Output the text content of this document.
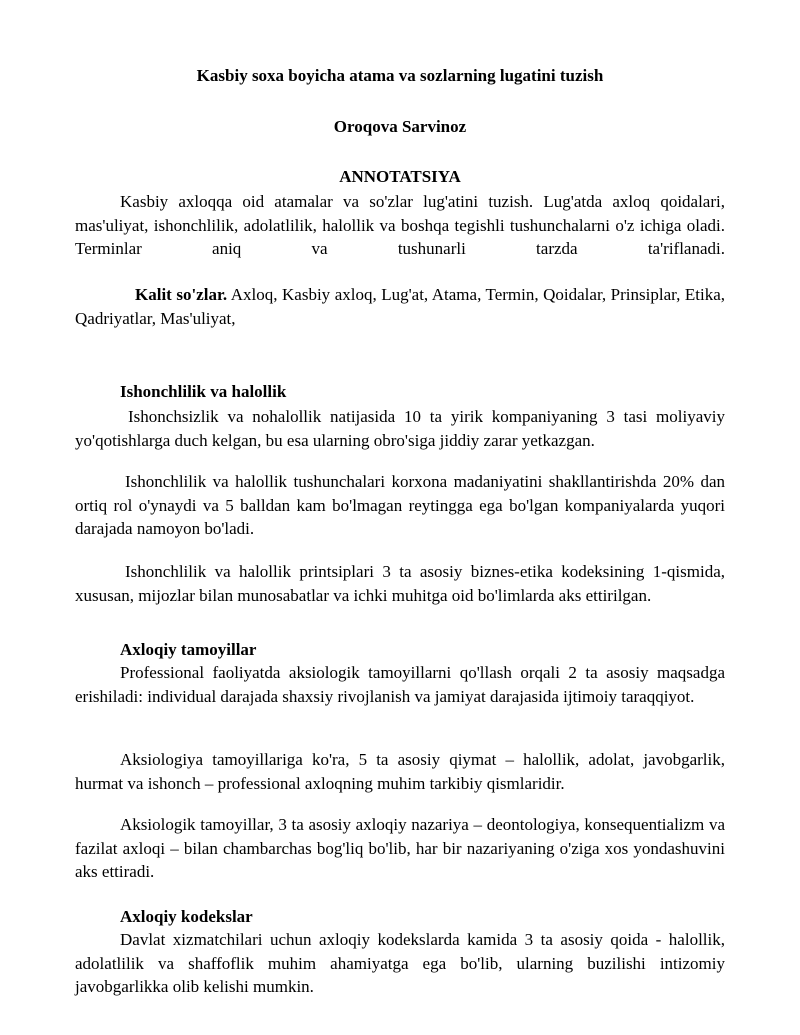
Kasbiy soxa boyicha atama va sozlarning lugatini tuzish
Oroqova Sarvinoz
ANNOTATSIYA
Kasbiy axloqqa oid atamalar va so'zlar lug'atini tuzish. Lug'atda axloq qoidalari, mas'uliyat, ishonchlilik, adolatlilik, halollik va boshqa tegishli tushunchalarni o'z ichiga oladi. Terminlar aniq va tushunarli tarzda ta'riflanadi.
Kalit so'zlar. Axloq, Kasbiy axloq, Lug'at, Atama, Termin, Qoidalar, Prinsiplar, Etika, Qadriyatlar, Mas'uliyat,
Ishonchlilik va halollik
Ishonchsizlik va nohalollik natijasida 10 ta yirik kompaniyaning 3 tasi moliyaviy yo'qotishlarga duch kelgan, bu esa ularning obro'siga jiddiy zarar yetkazgan.
Ishonchlilik va halollik tushunchalari korxona madaniyatini shakllantirishda 20% dan ortiq rol o'ynaydi va 5 balldan kam bo'lmagan reytingga ega bo'lgan kompaniyalarda yuqori darajada namoyon bo'ladi.
Ishonchlilik va halollik printsiplari 3 ta asosiy biznes-etika kodeksining 1-qismida, xususan, mijozlar bilan munosabatlar va ichki muhitga oid bo'limlarda aks ettirilgan.
Axloqiy tamoyillar
Professional faoliyatda aksiologik tamoyillarni qo'llash orqali 2 ta asosiy maqsadga erishiladi: individual darajada shaxsiy rivojlanish va jamiyat darajasida ijtimoiy taraqqiyot.
Aksiologiya tamoyillariga ko'ra, 5 ta asosiy qiymat – halollik, adolat, javobgarlik, hurmat va ishonch – professional axloqning muhim tarkibiy qismlaridir.
Aksiologik tamoyillar, 3 ta asosiy axloqiy nazariya – deontologiya, konsequentializm va fazilat axloqi – bilan chambarchas bog'liq bo'lib, har bir nazariyaning o'ziga xos yondashuvini aks ettiradi.
Axloqiy kodekslar
Davlat xizmatchilari uchun axloqiy kodekslarda kamida 3 ta asosiy qoida - halollik, adolatlilik va shaffoflik muhim ahamiyatga ega bo'lib, ularning buzilishi intizomiy javobgarlikka olib kelishi mumkin.
